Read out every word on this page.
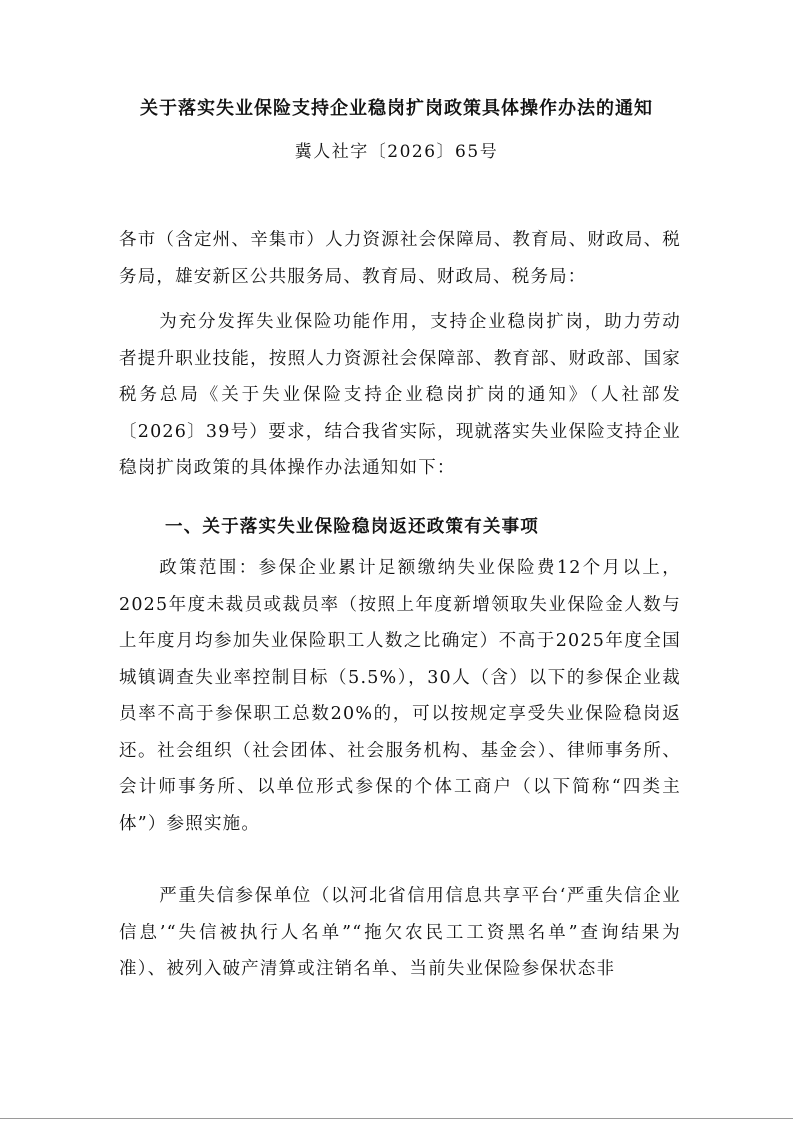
关于落实失业保险支持企业稳岗扩岗政策具体操作办法的通知
冀人社字〔2026〕65号

各市（含定州、辛集市）人力资源社会保障局、教育局、财政局、税务局，雄安新区公共服务局、教育局、财政局、税务局：

为充分发挥失业保险功能作用，支持企业稳岗扩岗，助力劳动者提升职业技能，按照人力资源社会保障部、教育部、财政部、国家税务总局《关于失业保险支持企业稳岗扩岗的通知》（人社部发〔2026〕39号）要求，结合我省实际，现就落实失业保险支持企业稳岗扩岗政策的具体操作办法通知如下：

一、关于落实失业保险稳岗返还政策有关事项

政策范围：参保企业累计足额缴纳失业保险费12个月以上，2025年度未裁员或裁员率（按照上年度新增领取失业保险金人数与上年度月均参加失业保险职工人数之比确定）不高于2025年度全国城镇调查失业率控制目标（5.5%），30人（含）以下的参保企业裁员率不高于参保职工总数20%的，可以按规定享受失业保险稳岗返还。社会组织（社会团体、社会服务机构、基金会）、律师事务所、会计师事务所、以单位形式参保的个体工商户（以下简称“四类主体”）参照实施。

严重失信参保单位（以河北省信用信息共享平台‘严重失信企业信息’“失信被执行人名单”“拖欠农民工工资黑名单”查询结果为准）、被列入破产清算或注销名单、当前失业保险参保状态非
